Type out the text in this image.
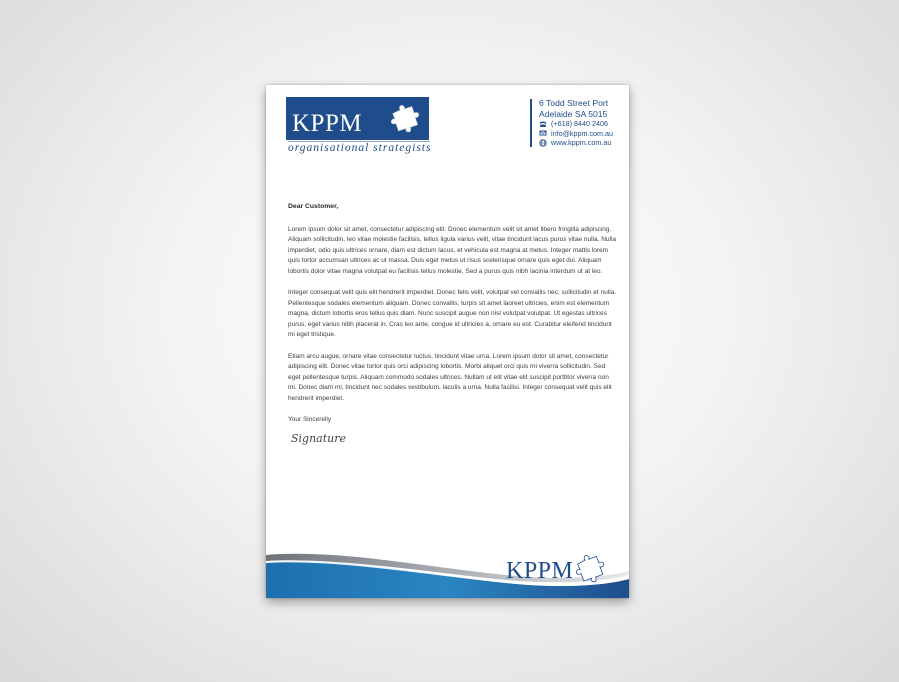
KPPM
organisational strategists
6 Todd Street Port
Adelaide SA 5015
(+618) 8440 2406
info@kppm.com.au
www.kppm.com.au

Dear Customer,

Lorem ipsum dolor sit amet, consectetur adipiscing elit. Donec elementum velit sit amet libero fringilla adipiscing. Aliquam sollicitudin, leo vitae molestie facilisis, tellus ligula varius velit, vitae tincidunt lacus purus vitae nulla. Nulla imperdiet, odio quis ultrices ornare, diam est dictum lacus, et vehicula est magna at metus. Integer mattis lorem quis tortor accumsan ultrices ac ut massa. Duis eget metus ut risus scelerisque ornare quis eget dui. Aliquam lobortis dolor vitae magna volutpat eu facilisis tellus molestie. Sed a purus quis nibh lacinia interdum ut at leo.

Integer consequat velit quis elit hendrerit imperdiet. Donec felis velit, volutpat vel convallis nec, sollicitudin et nulla. Pellentesque sodales elementum aliquam. Donec convallis, turpis sit amet laoreet ultricies, enim est elementum magna, dictum lobortis eros tellus quis diam. Nunc suscipit augue non nisl volutpat volutpat. Ut egestas ultrices purus, eget varius nibh placerat in. Cras leo ante, congue id ultricies a, ornare eu est. Curabitur eleifend tincidunt mi eget tristique.

Etiam arcu augue, ornare vitae consectetur luctus, tincidunt vitae urna. Lorem ipsum dolor sit amet, consectetur adipiscing elit. Donec vitae tortor quis orci adipiscing lobortis. Morbi aliquet orci quis mi viverra sollicitudin. Sed eget pellentesque turpis. Aliquam commodo sodales ultrices. Nullam ut elit vitae elit suscipit porttitor viverra non mi. Donec diam mi, tincidunt nec sodales vestibulum, iaculis a urna. Nulla facilisi. Integer consequat velit quis elit hendrerit imperdiet.

Your Sincerelly

Signature
KPPM
